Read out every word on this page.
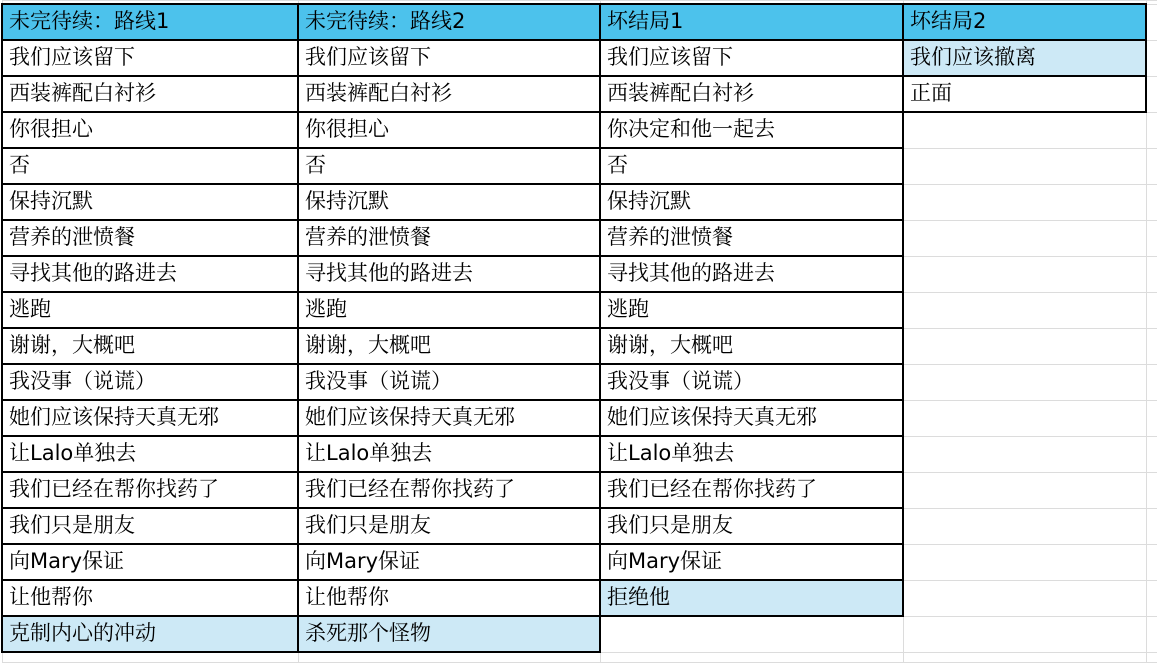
未完待续：路线1	未完待续：路线2	坏结局1	坏结局2	
我们应该留下	我们应该留下	我们应该留下	我们应该撤离	
西装裤配白衬衫	西装裤配白衬衫	西装裤配白衬衫	正面	
你很担心	你很担心	你决定和他一起去		
否	否	否		
保持沉默	保持沉默	保持沉默		
营养的泄愤餐	营养的泄愤餐	营养的泄愤餐		
寻找其他的路进去	寻找其他的路进去	寻找其他的路进去		
逃跑	逃跑	逃跑		
谢谢，大概吧	谢谢，大概吧	谢谢，大概吧		
我没事（说谎）	我没事（说谎）	我没事（说谎）		
她们应该保持天真无邪	她们应该保持天真无邪	她们应该保持天真无邪		
让Lalo单独去	让Lalo单独去	让Lalo单独去		
我们已经在帮你找药了	我们已经在帮你找药了	我们已经在帮你找药了		
我们只是朋友	我们只是朋友	我们只是朋友		
向Mary保证	向Mary保证	向Mary保证		
让他帮你	让他帮你	拒绝他		
克制内心的冲动	杀死那个怪物			
